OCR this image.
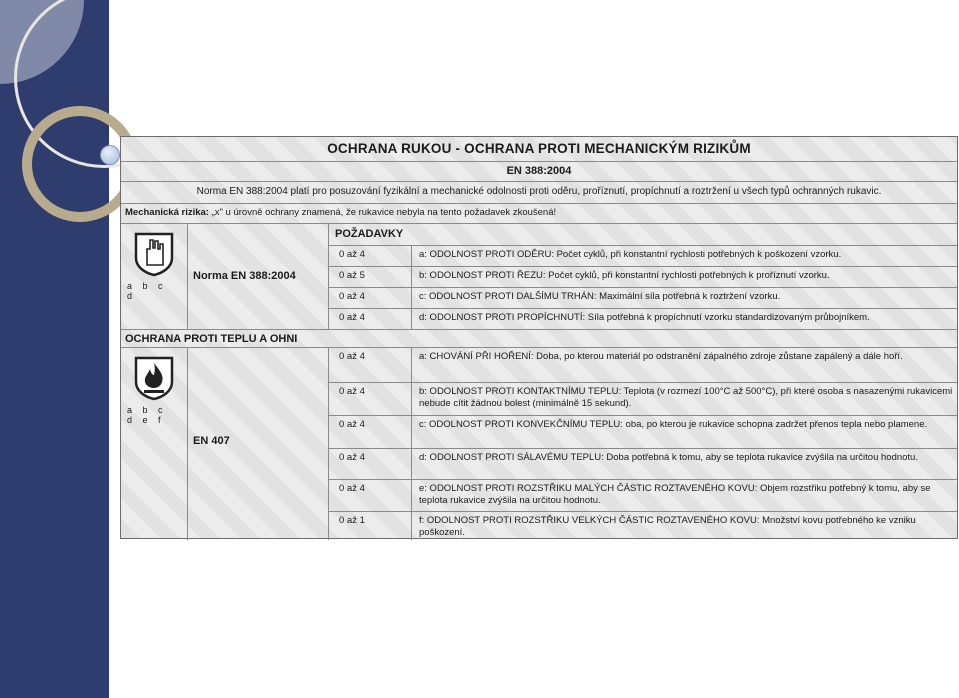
OCHRANA RUKOU - OCHRANA PROTI MECHANICKÝM RIZIKŮM
EN 388:2004
Norma EN 388:2004 platí pro posuzování fyzikální a mechanické odolnosti proti oděru, proříznutí, propíchnutí a roztržení u všech typů ochranných rukavic.
Mechanická rizika: „x" u úrovně ochrany znamená, že rukavice nebyla na tento požadavek zkoušená!
POŽADAVKY
a b c d
Norma EN 388:2004
0 až 4	a: ODOLNOST PROTI ODĚRU: Počet cyklů, při konstantní rychlosti potřebných k poškození vzorku.
0 až 5	b: ODOLNOST PROTI ŘEZU: Počet cyklů, při konstantní rychlosti potřebných k proříznutí vzorku.
0 až 4	c: ODOLNOST PROTI DALŠÍMU TRHÁN: Maximální síla potřebná k roztržení vzorku.
0 až 4	d: ODOLNOST PROTI PROPÍCHNUTÍ: Síla potřebná k propíchnutí vzorku standardizovaným průbojníkem.
OCHRANA PROTI TEPLU A OHNI
a b c d e f
EN 407
0 až 4	a: CHOVÁNÍ PŘI HOŘENÍ: Doba, po kterou materiál po odstranění zápalného zdroje zůstane zapálený a dále hoří.
0 až 4	b: ODOLNOST PROTI KONTAKTNÍMU TEPLU: Teplota (v rozmezí 100°C až 500°C), při které osoba s nasazenými rukavicemi nebude cítit žádnou bolest (minimálně 15 sekund).
0 až 4	c: ODOLNOST PROTI KONVEKČNÍMU TEPLU: oba, po kterou je rukavice schopna zadržet přenos tepla nebo plamene.
0 až 4	d: ODOLNOST PROTI SÁLAVÉMU TEPLU: Doba potřebná k tomu, aby se teplota rukavice zvýšila na určitou hodnotu.
0 až 4	e: ODOLNOST PROTI ROZSTŘIKU MALÝCH ČÁSTIC ROZTAVENÉHO KOVU: Objem rozstřiku potřebný k tomu, aby se teplota rukavice zvýšila na určitou hodnotu.
0 až 1	f: ODOLNOST PROTI ROZSTŘIKU VELKÝCH ČÁSTIC ROZTAVENÉHO KOVU: Množství kovu potřebného ke vzniku poškození.
